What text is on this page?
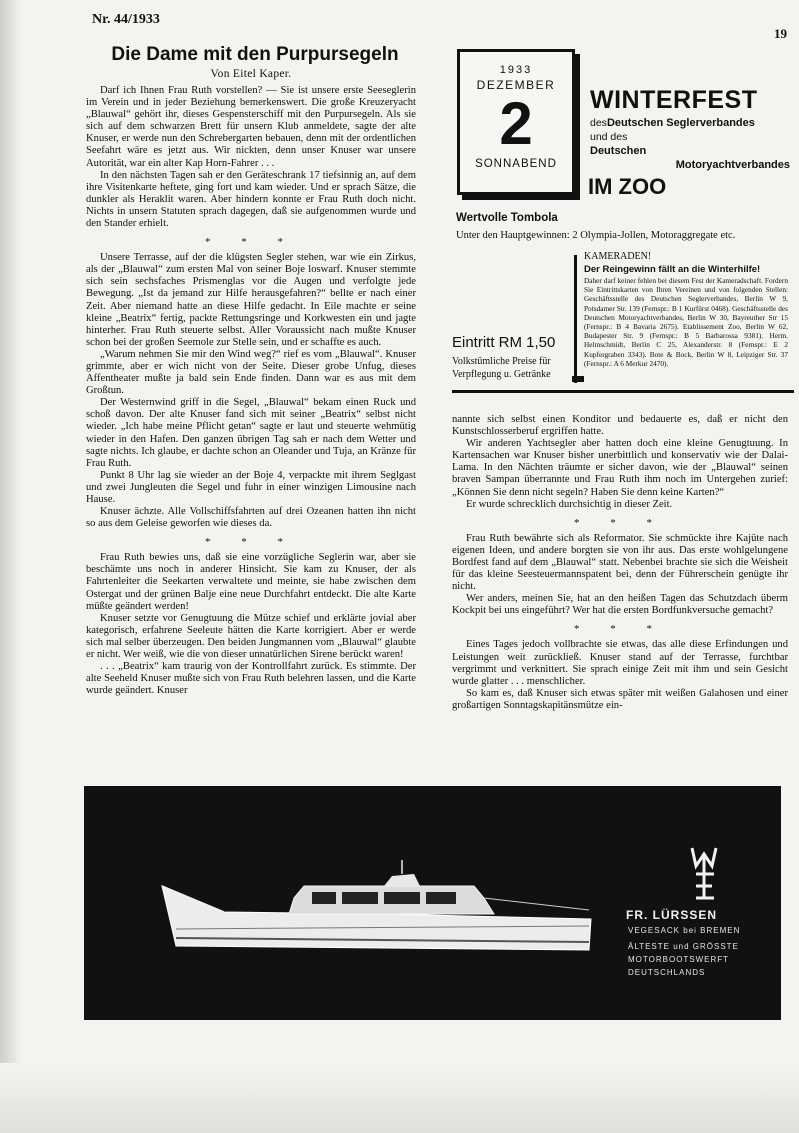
Nr. 44/1933
19
Die Dame mit den Purpursegeln
Von Eitel Kaper.

Darf ich Ihnen Frau Ruth vorstellen? — Sie ist unsere erste Seeseglerin im Verein und in jeder Beziehung bemerkenswert. Die große Kreuzeryacht „Blauwal“ gehört ihr, dieses Gespensterschiff mit den Purpursegeln. Als sie sich auf dem schwarzen Brett für unsern Klub anmeldete, sagte der alte Knuser, er werde nun den Schrebergarten bebauen, denn mit der ordentlichen Seefahrt wäre es jetzt aus. Wir nickten, denn unser Knuser war unsere Autorität, war ein alter Kap Horn-Fahrer . . .

In den nächsten Tagen sah er den Geräteschrank 17 tiefsinnig an, auf dem ihre Visitenkarte heftete, ging fort und kam wieder. Und er sprach Sätze, die dunkler als Heraklit waren. Aber hindern konnte er Frau Ruth doch nicht. Nichts in unsern Statuten sprach dagegen, daß sie aufgenommen wurde und den Stander erhielt.

* * *

Unsere Terrasse, auf der die klügsten Segler stehen, war wie ein Zirkus, als der „Blauwal“ zum ersten Mal von seiner Boje loswarf. Knuser stemmte sich sein sechsfaches Prismenglas vor die Augen und verfolgte jede Bewegung. „Ist da jemand zur Hilfe herausgefahren?“ bellte er nach einer Zeit. Aber niemand hatte an diese Hilfe gedacht. In Eile machte er seine kleine „Beatrix“ fertig, packte Rettungsringe und Korkwesten ein und jagte hinterher. Frau Ruth steuerte selbst. Aller Voraussicht nach mußte Knuser schon bei der großen Seemole zur Stelle sein, und er schaffte es auch.

„Warum nehmen Sie mir den Wind weg?“ rief es vom „Blauwal“. Knuser grimmte, aber er wich nicht von der Seite. Dieser grobe Unfug, dieses Affentheater mußte ja bald sein Ende finden. Dann war es aus mit dem Großtun.

Der Westernwind griff in die Segel, „Blauwal“ bekam einen Ruck und schoß davon. Der alte Knuser fand sich mit seiner „Beatrix“ selbst nicht wieder. „Ich habe meine Pflicht getan“ sagte er laut und steuerte wehmütig wieder in den Hafen. Den ganzen übrigen Tag sah er nach dem Wetter und sagte nichts. Ich glaube, er dachte schon an Oleander und Tuja, an Kränze für Frau Ruth.

Punkt 8 Uhr lag sie wieder an der Boje 4, verpackte mit ihrem Seglgast und zwei Jungleuten die Segel und fuhr in einer winzigen Limousine nach Hause.

Knuser ächzte. Alle Vollschiffsfahrten auf drei Ozeanen hatten ihn nicht so aus dem Geleise geworfen wie dieses da.

* * *

Frau Ruth bewies uns, daß sie eine vorzügliche Seglerin war, aber sie beschämte uns noch in anderer Hinsicht. Sie kam zu Knuser, der als Fahrtenleiter die Seekarten verwaltete und meinte, sie habe zwischen dem Ostergat und der grünen Balje eine neue Durchfahrt entdeckt. Die alte Karte müßte geändert werden!

Knuser setzte vor Genugtuung die Mütze schief und erklärte jovial aber kategorisch, erfahrene Seeleute hätten die Karte korrigiert. Aber er werde sich mal selber überzeugen. Den beiden Jungmannen vom „Blauwal“ glaubte er nicht. Wer weiß, wie die von dieser unnatürlichen Sirene berückt waren!

. . . „Beatrix“ kam traurig von der Kontrollfahrt zurück. Es stimmte. Der alte Seeheld Knuser mußte sich von Frau Ruth belehren lassen, und die Karte wurde geändert. Knuser

1933
DEZEMBER
2
SONNABEND
WINTERFEST
desDeutschen Seglerverbandes
und des
Deutschen
Motoryachtverbandes
IM ZOO
Wertvolle Tombola
Unter den Hauptgewinnen: 2 Olympia-Jollen, Motoraggregate etc.
KAMERADEN!
Der Reingewinn fällt an die Winterhilfe!
Daher darf keiner fehlen bei diesem Fest der Kameradschaft. Fordern Sie Eintrittskarten von Ihren Vereinen und von folgenden Stellen: Geschäftsstelle des Deutschen Seglerverbandes, Berlin W 9, Potsdamer Str. 139 (Fernspr.: B 1 Kurfürst 0468). Geschäftsstelle des Deutschen Motoryachtverbandes, Berlin W 30, Bayreuther Str 15 (Fernspr.: B 4 Bavaria 2675). Etablissement Zoo, Berlin W 62, Budapester Str. 9 (Fernspr.: B 5 Barbarossa 9381). Herm. Helmschmidt, Berlin C 25, Alexanderstr. 8 (Fernspr.: E 2 Kupfergraben 3343). Bote & Bock, Berlin W 8, Leipziger Str. 37 (Fernspr.: A 6 Merkur 2470).
Eintritt RM 1,50
Volkstümliche Preise für Verpflegung u. Getränke

nannte sich selbst einen Konditor und bedauerte es, daß er nicht den Kunstschlosserberuf ergriffen hatte.

Wir anderen Yachtsegler aber hatten doch eine kleine Genugtuung. In Kartensachen war Knuser bisher unerbittlich und konservativ wie der Dalai-Lama. In den Nächten träumte er sicher davon, wie der „Blauwal“ seinen braven Sampan überrannte und Frau Ruth ihm noch im Untergehen zurief: „Können Sie denn nicht segeln? Haben Sie denn keine Karten?“

Er wurde schrecklich durchsichtig in dieser Zeit.

* * *

Frau Ruth bewährte sich als Reformator. Sie schmückte ihre Kajüte nach eigenen Ideen, und andere borgten sie von ihr aus. Das erste wohlgelungene Bordfest fand auf dem „Blauwal“ statt. Nebenbei brachte sie sich die Weisheit für das kleine Seesteuermannspatent bei, denn der Führerschein genügte ihr nicht.

Wer anders, meinen Sie, hat an den heißen Tagen das Schutzdach überm Kockpit bei uns eingeführt? Wer hat die ersten Bordfunkversuche gemacht?

* * *

Eines Tages jedoch vollbrachte sie etwas, das alle diese Erfindungen und Leistungen weit zurückließ. Knuser stand auf der Terrasse, furchtbar vergrimmt und verknittert. Sie sprach einige Zeit mit ihm und sein Gesicht wurde glatter . . . menschlicher.

So kam es, daß Knuser sich etwas später mit weißen Galahosen und einer großartigen Sonntagskapitänsmütze ein-

FR. LÜRSSEN
VEGESACK bei BREMEN
ÄLTESTE und GRÖSSTE
MOTORBOOTSWERFT
DEUTSCHLANDS
